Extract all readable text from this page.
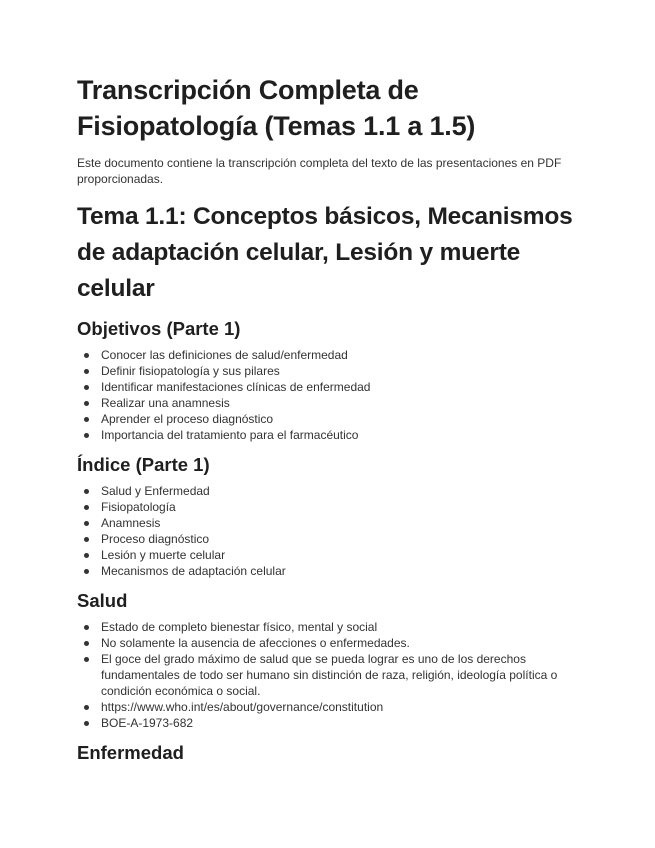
Transcripción Completa de Fisiopatología (Temas 1.1 a 1.5)

Este documento contiene la transcripción completa del texto de las presentaciones en PDF proporcionadas.

Tema 1.1: Conceptos básicos, Mecanismos de adaptación celular, Lesión y muerte celular
Objetivos (Parte 1)
Conocer las definiciones de salud/enfermedad
Definir fisiopatología y sus pilares
Identificar manifestaciones clínicas de enfermedad
Realizar una anamnesis
Aprender el proceso diagnóstico
Importancia del tratamiento para el farmacéutico
Índice (Parte 1)
Salud y Enfermedad
Fisiopatología
Anamnesis
Proceso diagnóstico
Lesión y muerte celular
Mecanismos de adaptación celular
Salud
Estado de completo bienestar físico, mental y social
No solamente la ausencia de afecciones o enfermedades.
El goce del grado máximo de salud que se pueda lograr es uno de los derechos fundamentales de todo ser humano sin distinción de raza, religión, ideología política o condición económica o social.
https://www.who.int/es/about/governance/constitution
BOE-A-1973-682
Enfermedad
